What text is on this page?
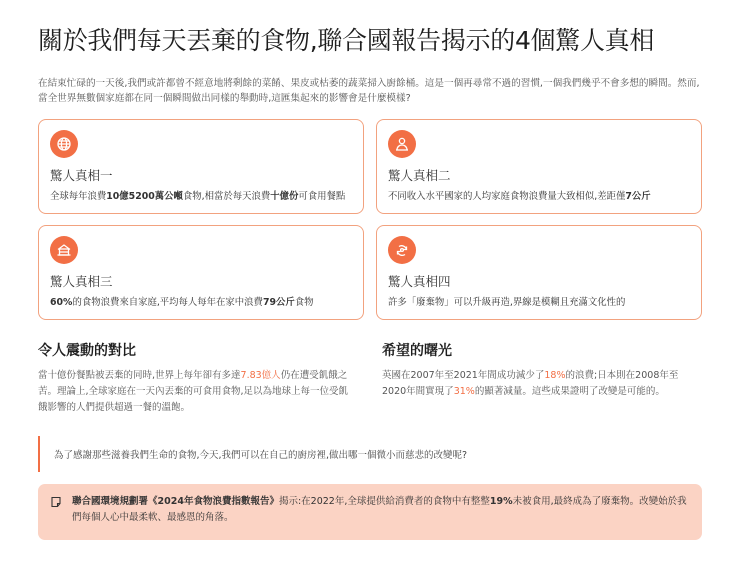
關於我們每天丟棄的食物,聯合國報告揭示的4個驚人真相

在結束忙碌的一天後,我們或許都曾不經意地將剩餘的菜餚、果皮或枯萎的蔬菜掃入廚餘桶。這是一個再尋常不過的習慣,一個我們幾乎不會多想的瞬間。然而,當全世界無數個家庭都在同一個瞬間做出同樣的舉動時,這匯集起來的影響會是什麼模樣?

驚人真相一
全球每年浪費10億5200萬公噸食物,相當於每天浪費十億份可食用餐點
驚人真相二
不同收入水平國家的人均家庭食物浪費量大致相似,差距僅7公斤
驚人真相三
60%的食物浪費來自家庭,平均每人每年在家中浪費79公斤食物
驚人真相四
許多「廢棄物」可以升級再造,界線是模糊且充滿文化性的
令人震動的對比
當十億份餐點被丟棄的同時,世界上每年卻有多達7.83億人仍在遭受飢餓之苦。理論上,全球家庭在一天內丟棄的可食用食物,足以為地球上每一位受飢餓影響的人們提供超過一餐的溫飽。
希望的曙光
英國在2007年至2021年間成功減少了18%的浪費;日本則在2008年至2020年間實現了31%的顯著減量。這些成果證明了改變是可能的。
為了感謝那些滋養我們生命的食物,今天,我們可以在自己的廚房裡,做出哪一個微小而慈悲的改變呢?
聯合國環境規劃署《2024年食物浪費指數報告》揭示:在2022年,全球提供給消費者的食物中有整整19%未被食用,最終成為了廢棄物。改變始於我們每個人心中最柔軟、最感恩的角落。
